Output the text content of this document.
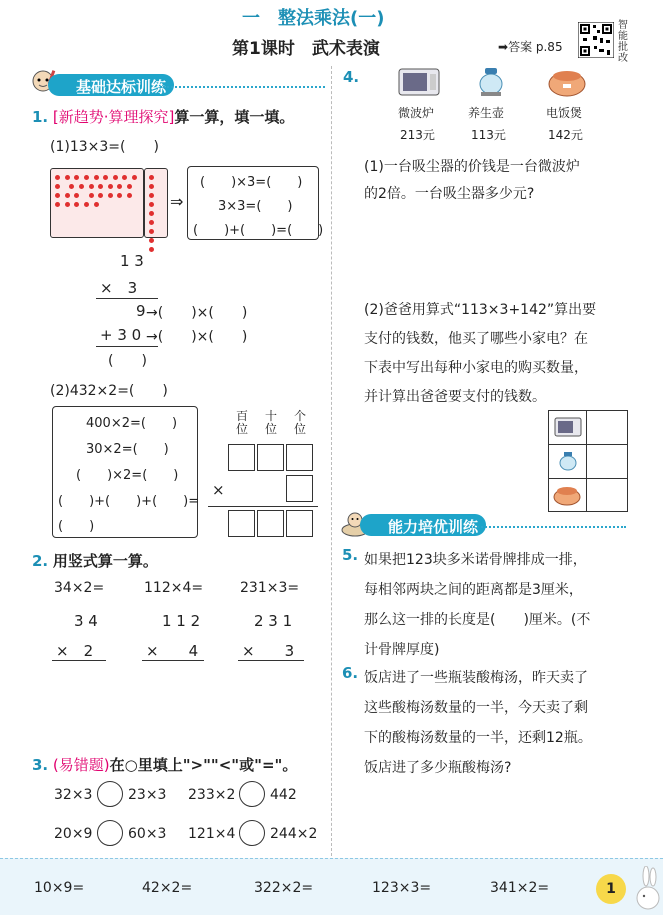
一　整法乘法(一)
第1课时　武术表演	➡答案 p.85
智能批改
基础达标训练
1. [新趋势·算理探究]算一算，填一填。
(1)13×3=(　　)

⇒
(　　)×3=(　　)
3×3=(　　)
(　　)+(　　)=(　　)
1 3
×　3
9 →(　　)×(　　)
+ 3 0 →(　　)×(　　)
(　　)
(2)432×2=(　　)
400×2=(　　)
30×2=(　　)
(　　)×2=(　　)
(　　)+(　　)+(　　)=
(　　)
百
位
十
位
个
位
×
2. 用竖式算一算。
34×2=	112×4=	231×3=
3 4
×　2
1 1 2
×　　4
2 3 1
×　　3
3. (易错题)在○里填上">""<"或"="。
32×3	23×3 233×2 442
20×9	60×3 121×4 244×2
4.
微波炉	养生壶	电饭煲
213元	113元	142元
(1)一台吸尘器的价钱是一台微波炉
的2倍。一台吸尘器多少元?
(2)爸爸用算式“113×3+142”算出要
支付的钱数，他买了哪些小家电？在
下表中写出每种小家电的购买数量，
并计算出爸爸要支付的钱数。
能力培优训练
5. 如果把123块多米诺骨牌排成一排，
每相邻两块之间的距离都是3厘米，
那么这一排的长度是(　　)厘米。(不
计骨牌厚度)
6. 饭店进了一些瓶装酸梅汤，昨天卖了
这些酸梅汤数量的一半，今天卖了剩
下的酸梅汤数量的一半，还剩12瓶。
饭店进了多少瓶酸梅汤?
10×9=	42×2=	322×2=	123×3=	341×2=	1
